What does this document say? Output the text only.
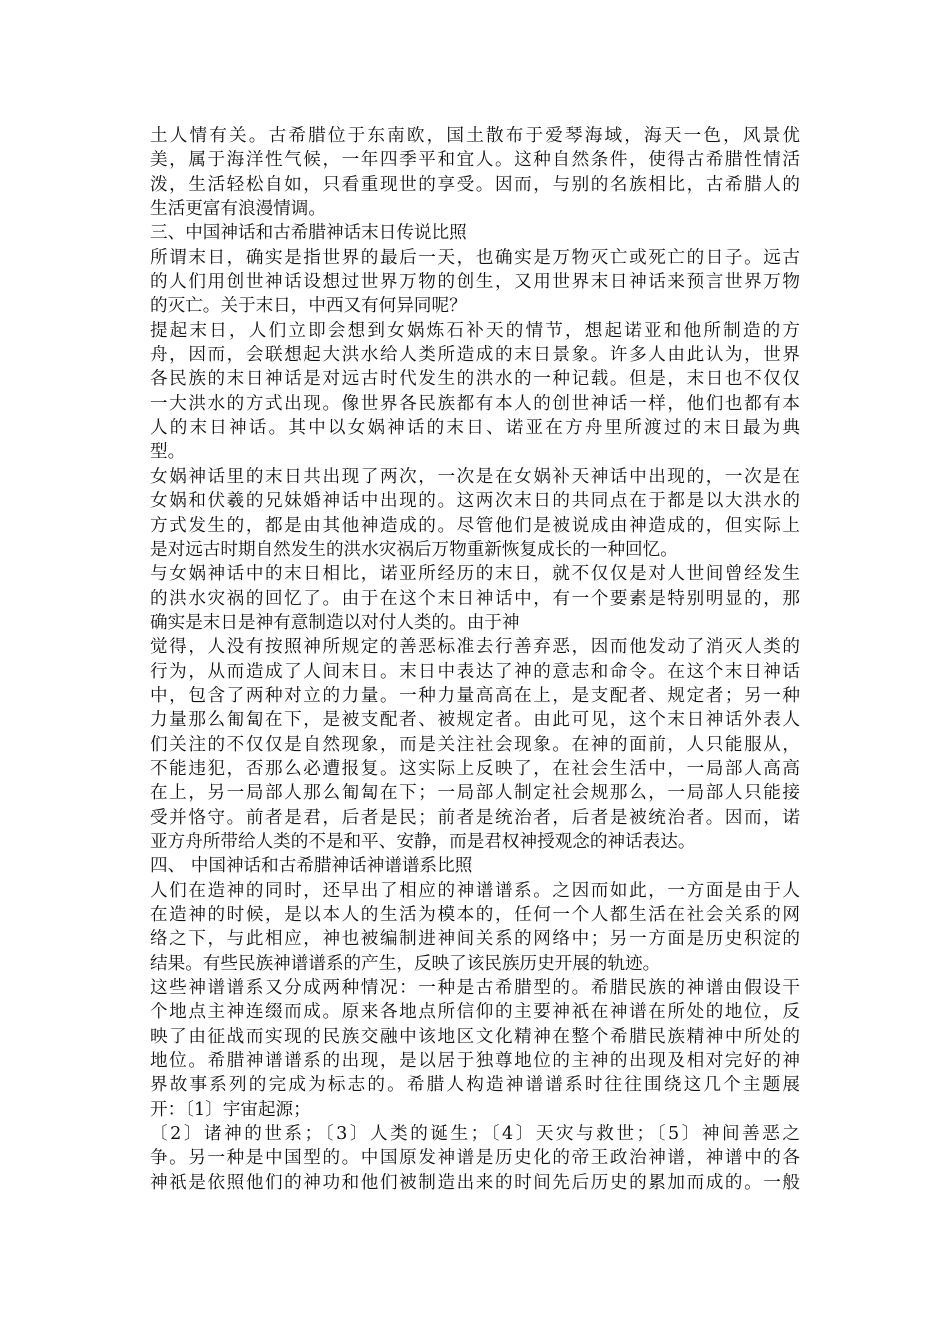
土人情有关。古希腊位于东南欧，国土散布于爱琴海域，海天一色，风景优
美，属于海洋性气候，一年四季平和宜人。这种自然条件，使得古希腊性情活
泼，生活轻松自如，只看重现世的享受。因而，与别的名族相比，古希腊人的
生活更富有浪漫情调。
三、中国神话和古希腊神话末日传说比照
所谓末日，确实是指世界的最后一天，也确实是万物灭亡或死亡的日子。远古
的人们用创世神话设想过世界万物的创生，又用世界末日神话来预言世界万物
的灭亡。关于末日，中西又有何异同呢？
提起末日，人们立即会想到女娲炼石补天的情节，想起诺亚和他所制造的方
舟，因而，会联想起大洪水给人类所造成的末日景象。许多人由此认为，世界
各民族的末日神话是对远古时代发生的洪水的一种记载。但是，末日也不仅仅
一大洪水的方式出现。像世界各民族都有本人的创世神话一样，他们也都有本
人的末日神话。其中以女娲神话的末日、诺亚在方舟里所渡过的末日最为典
型。
女娲神话里的末日共出现了两次，一次是在女娲补天神话中出现的，一次是在
女娲和伏羲的兄妹婚神话中出现的。这两次末日的共同点在于都是以大洪水的
方式发生的，都是由其他神造成的。尽管他们是被说成由神造成的，但实际上
是对远古时期自然发生的洪水灾祸后万物重新恢复成长的一种回忆。
与女娲神话中的末日相比，诺亚所经历的末日，就不仅仅是对人世间曾经发生
的洪水灾祸的回忆了。由于在这个末日神话中，有一个要素是特别明显的，那
确实是末日是神有意制造以对付人类的。由于神
觉得，人没有按照神所规定的善恶标准去行善弃恶，因而他发动了消灭人类的
行为，从而造成了人间末日。末日中表达了神的意志和命令。在这个末日神话
中，包含了两种对立的力量。一种力量高高在上，是支配者、规定者；另一种
力量那么匍匐在下，是被支配者、被规定者。由此可见，这个末日神话外表人
们关注的不仅仅是自然现象，而是关注社会现象。在神的面前，人只能服从，
不能违犯，否那么必遭报复。这实际上反映了，在社会生活中，一局部人高高
在上，另一局部人那么匍匐在下；一局部人制定社会规那么，一局部人只能接
受并恪守。前者是君，后者是民；前者是统治者，后者是被统治者。因而，诺
亚方舟所带给人类的不是和平、安静，而是君权神授观念的神话表达。
四、 中国神话和古希腊神话神谱谱系比照
人们在造神的同时，还早出了相应的神谱谱系。之因而如此，一方面是由于人
在造神的时候，是以本人的生活为模本的，任何一个人都生活在社会关系的网
络之下，与此相应，神也被编制进神间关系的网络中；另一方面是历史积淀的
结果。有些民族神谱谱系的产生，反映了该民族历史开展的轨迹。
这些神谱谱系又分成两种情况：一种是古希腊型的。希腊民族的神谱由假设干
个地点主神连缀而成。原来各地点所信仰的主要神祇在神谱在所处的地位，反
映了由征战而实现的民族交融中该地区文化精神在整个希腊民族精神中所处的
地位。希腊神谱谱系的出现，是以居于独尊地位的主神的出现及相对完好的神
界故事系列的完成为标志的。希腊人构造神谱谱系时往往围绕这几个主题展
开：〔1〕宇宙起源；
〔2〕诸神的世系；〔3〕人类的诞生；〔4〕天灾与救世；〔5〕神间善恶之
争。另一种是中国型的。中国原发神谱是历史化的帝王政治神谱，神谱中的各
神祇是依照他们的神功和他们被制造出来的时间先后历史的累加而成的。一般
